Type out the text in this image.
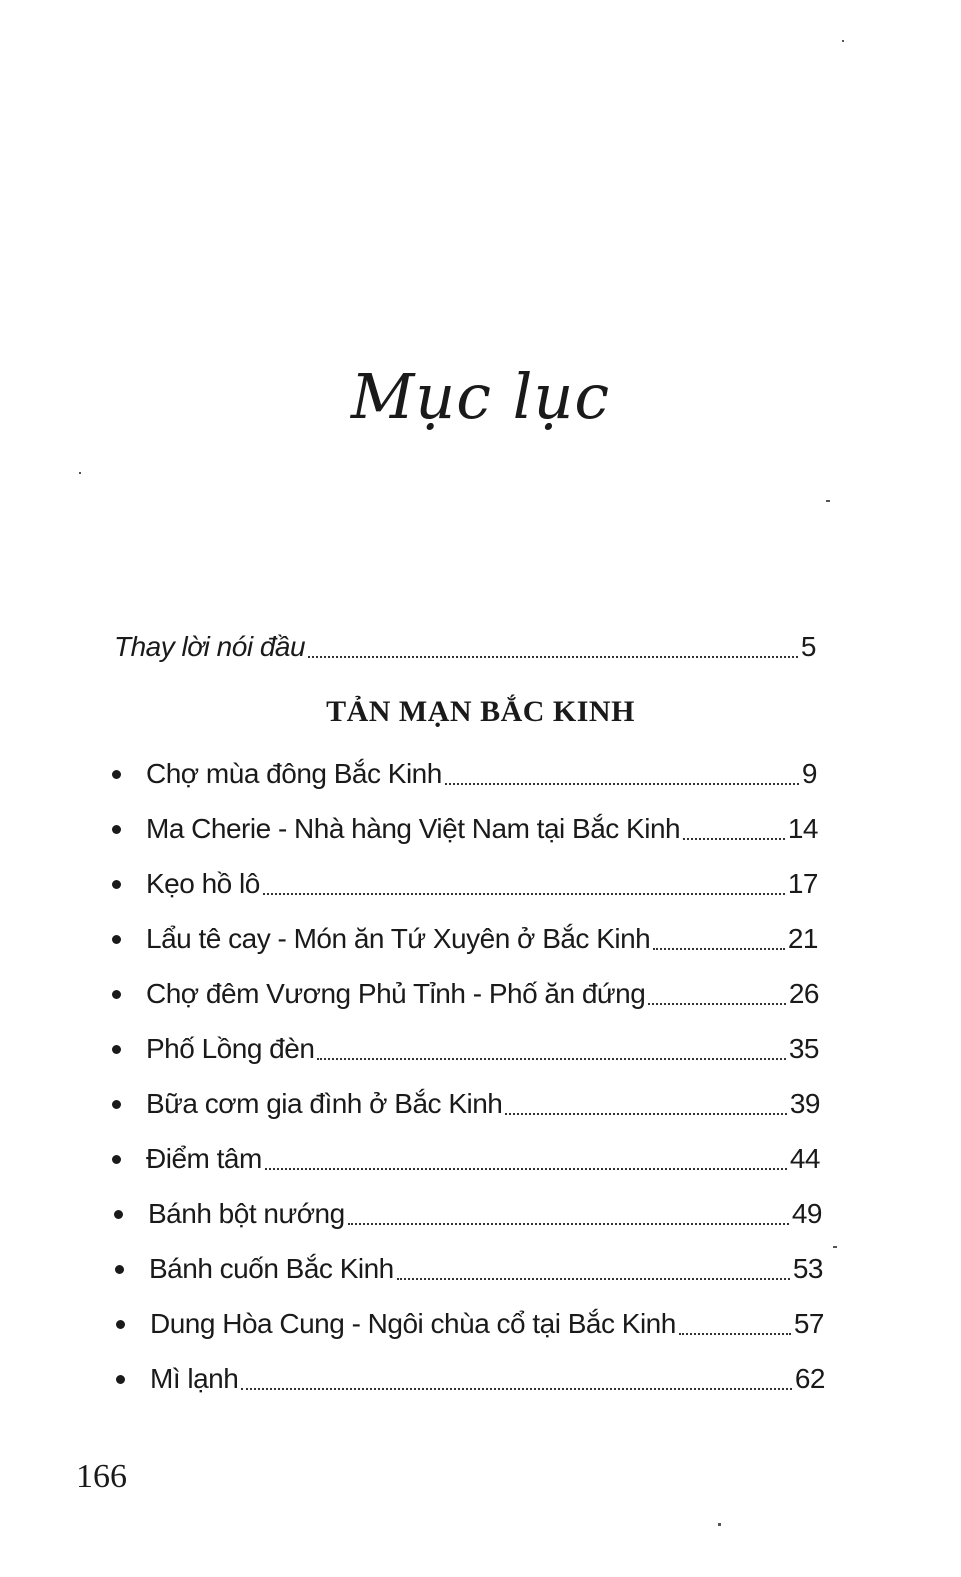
Mục lục
Thay lời nói đầu	5
TẢN MẠN BẮC KINH
Chợ mùa đông Bắc Kinh	9
Ma Cherie - Nhà hàng Việt Nam tại Bắc Kinh	14
Kẹo hồ lô	17
Lẩu tê cay - Món ăn Tứ Xuyên ở Bắc Kinh	21
Chợ đêm Vương Phủ Tỉnh - Phố ăn đứng	26
Phố Lồng đèn	35
Bữa cơm gia đình ở Bắc Kinh	39
Điểm tâm	44
Bánh bột nướng	49
Bánh cuốn Bắc Kinh	53
Dung Hòa Cung - Ngôi chùa cổ tại Bắc Kinh	57
Mì lạnh	62
166
